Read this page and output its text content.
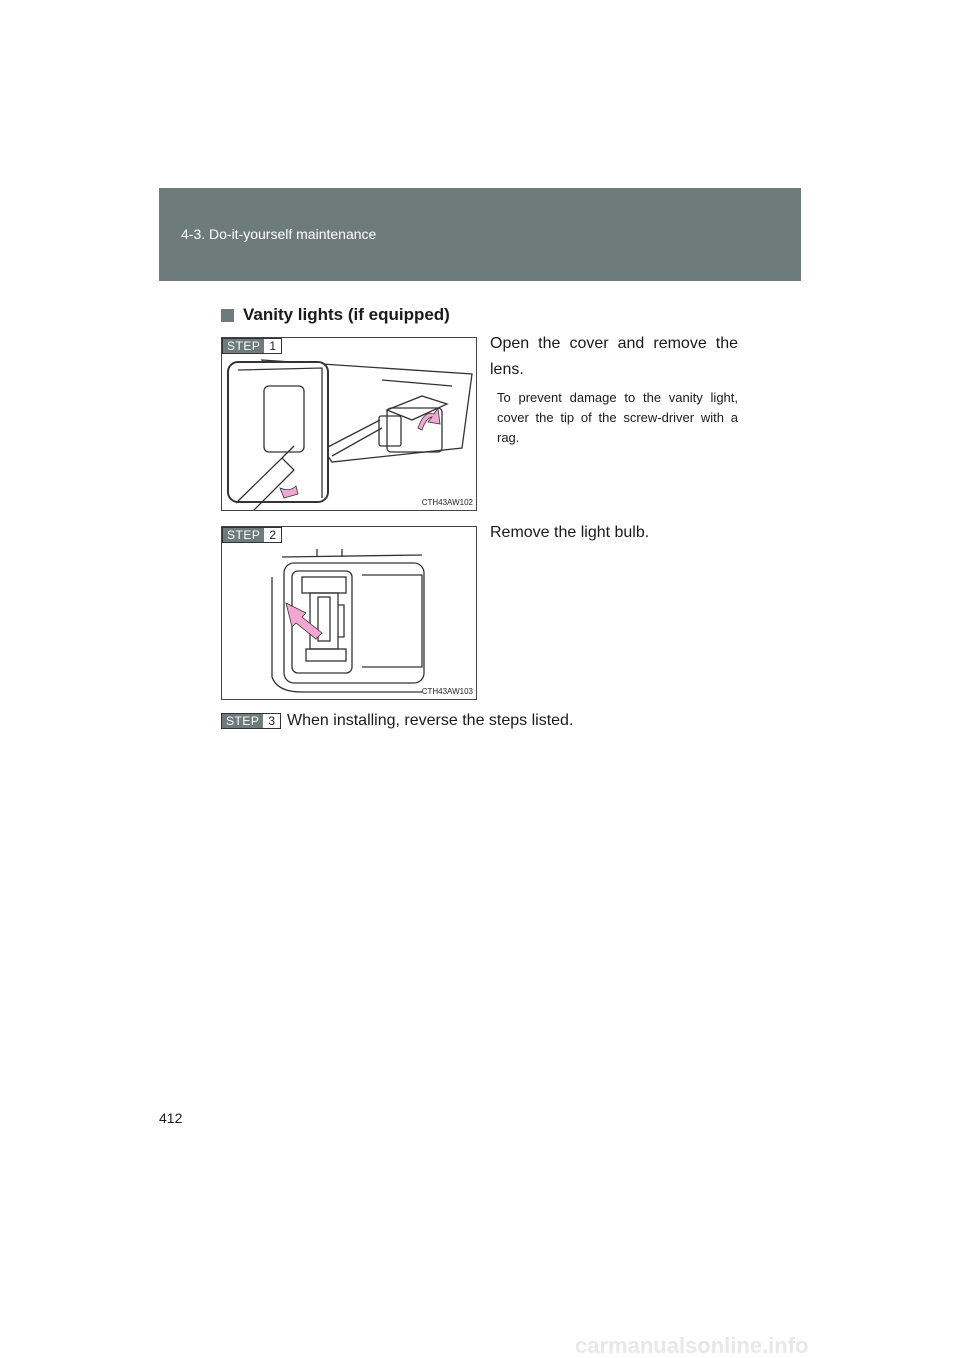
4-3. Do-it-yourself maintenance
Vanity lights (if equipped)
STEP 1
CTH43AW102
Open the cover and remove the lens.
To prevent damage to the vanity light, cover the tip of the screw-driver with a rag.
STEP 2
CTH43AW103
Remove the light bulb.
STEP 3 When installing, reverse the steps listed.
412
carmanualsonline.info
